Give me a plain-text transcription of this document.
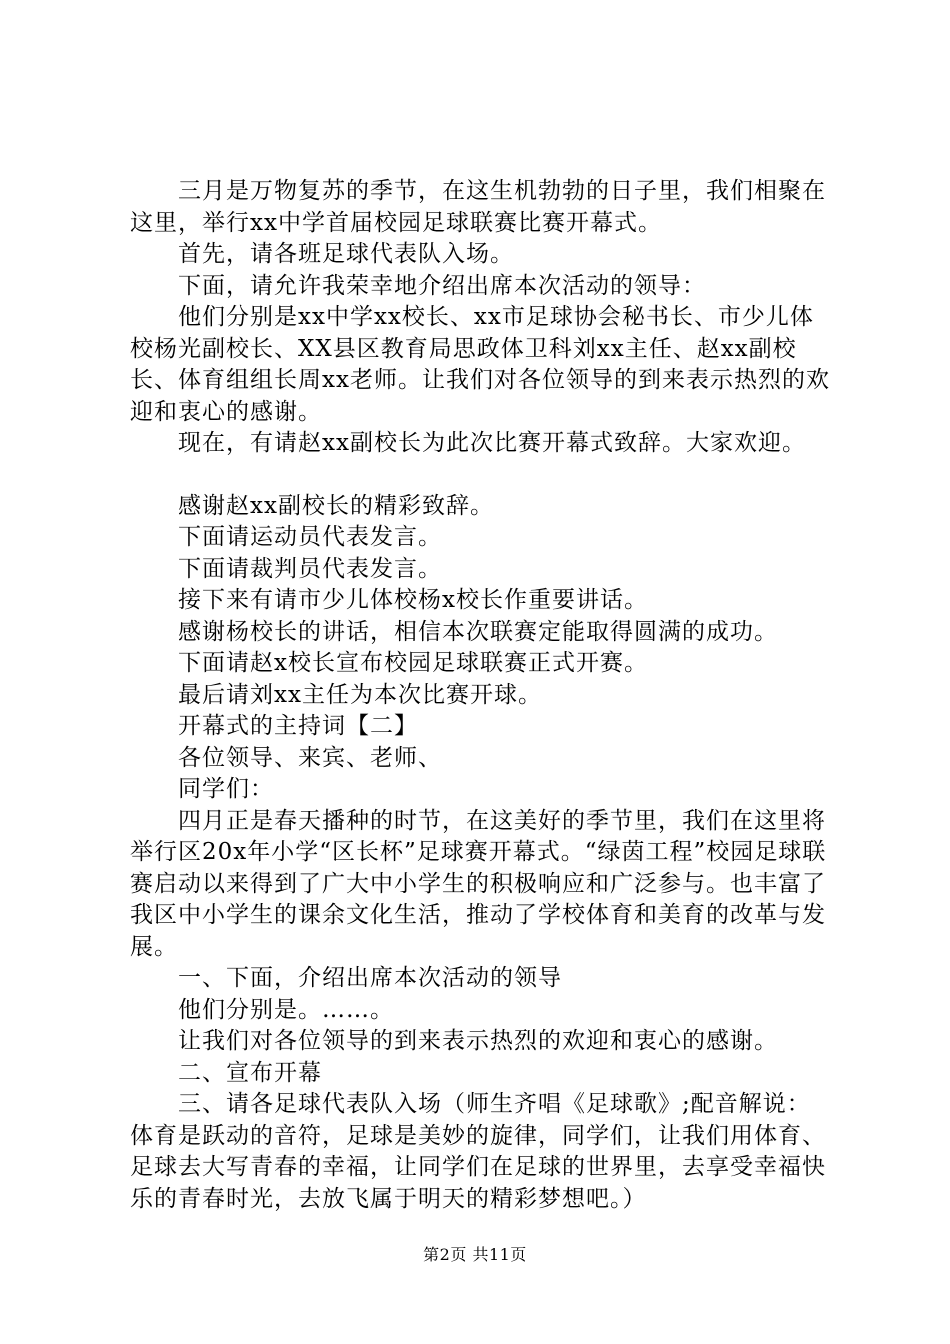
三月是万物复苏的季节，在这生机勃勃的日子里，我们相聚在这里，举行xx中学首届校园足球联赛比赛开幕式。

首先，请各班足球代表队入场。

下面，请允许我荣幸地介绍出席本次活动的领导：

他们分别是xx中学xx校长、xx市足球协会秘书长、市少儿体校杨光副校长、XX县区教育局思政体卫科刘xx主任、赵xx副校长、体育组组长周xx老师。让我们对各位领导的到来表示热烈的欢迎和衷心的感谢。

现在，有请赵xx副校长为此次比赛开幕式致辞。大家欢迎。

感谢赵xx副校长的精彩致辞。

下面请运动员代表发言。

下面请裁判员代表发言。

接下来有请市少儿体校杨x校长作重要讲话。

感谢杨校长的讲话，相信本次联赛定能取得圆满的成功。

下面请赵x校长宣布校园足球联赛正式开赛。

最后请刘xx主任为本次比赛开球。

开幕式的主持词【二】

各位领导、来宾、老师、

同学们：

四月正是春天播种的时节，在这美好的季节里，我们在这里将举行区20x年小学“区长杯”足球赛开幕式。“绿茵工程”校园足球联赛启动以来得到了广大中小学生的积极响应和广泛参与。也丰富了我区中小学生的课余文化生活，推动了学校体育和美育的改革与发展。

一、下面，介绍出席本次活动的领导

他们分别是。……。

让我们对各位领导的到来表示热烈的欢迎和衷心的感谢。

二、宣布开幕

三、请各足球代表队入场（师生齐唱《足球歌》;配音解说：体育是跃动的音符，足球是美妙的旋律，同学们，让我们用体育、足球去大写青春的幸福，让同学们在足球的世界里，去享受幸福快乐的青春时光，去放飞属于明天的精彩梦想吧。）

第2页 共11页
